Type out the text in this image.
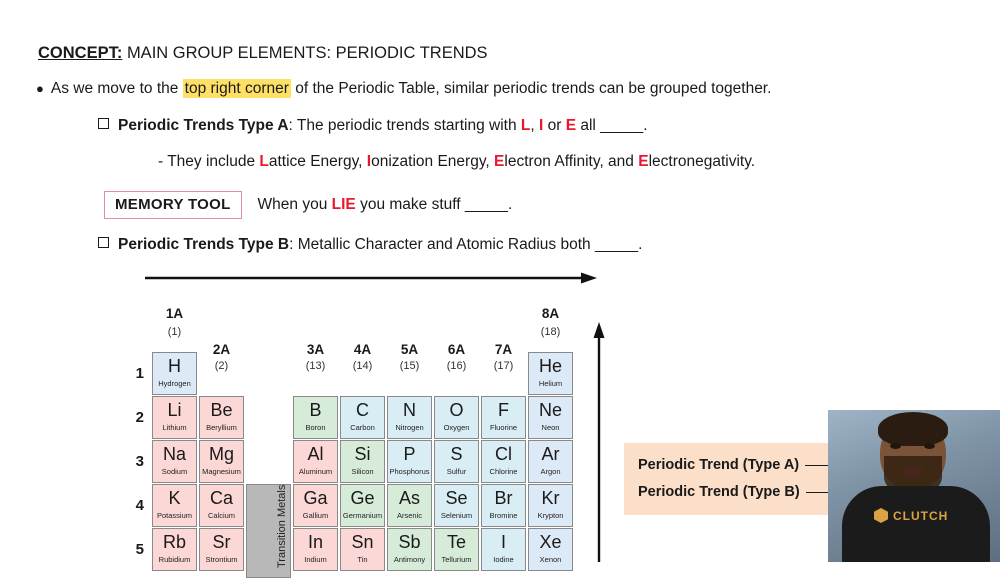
CONCEPT: MAIN GROUP ELEMENTS: PERIODIC TRENDS
● As we move to the top right corner of the Periodic Table, similar periodic trends can be grouped together.
Periodic Trends Type A: The periodic trends starting with L, I or E all _____.
- They include Lattice Energy, Ionization Energy, Electron Affinity, and Electronegativity.
MEMORY TOOL	When you LIE you make stuff _____.
Periodic Trends Type B: Metallic Character and Atomic Radius both _____.
1A
(1)
2A
(2)
3A
(13)
4A
(14)
5A
(15)
6A
(16)
7A
(17)
8A
(18)
Transition Metals
1
2
3
4
5
H
Hydrogen
He
Helium
Li
Lithium
Be
Beryllium
B
Boron
C
Carbon
N
Nitrogen
O
Oxygen
F
Fluorine
Ne
Neon
Na
Sodium
Mg
Magnesium
Al
Aluminum
Si
Silicon
P
Phosphorus
S
Sulfur
Cl
Chlorine
Ar
Argon
K
Potassium
Ca
Calcium
Ga
Gallium
Ge
Germanium
As
Arsenic
Se
Selenium
Br
Bromine
Kr
Krypton
Rb
Rubidium
Sr
Strontium
In
Indium
Sn
Tin
Sb
Antimony
Te
Tellurium
I
Iodine
Xe
Xenon
Periodic Trend (Type A)
Periodic Trend (Type B)
CLUTCH
